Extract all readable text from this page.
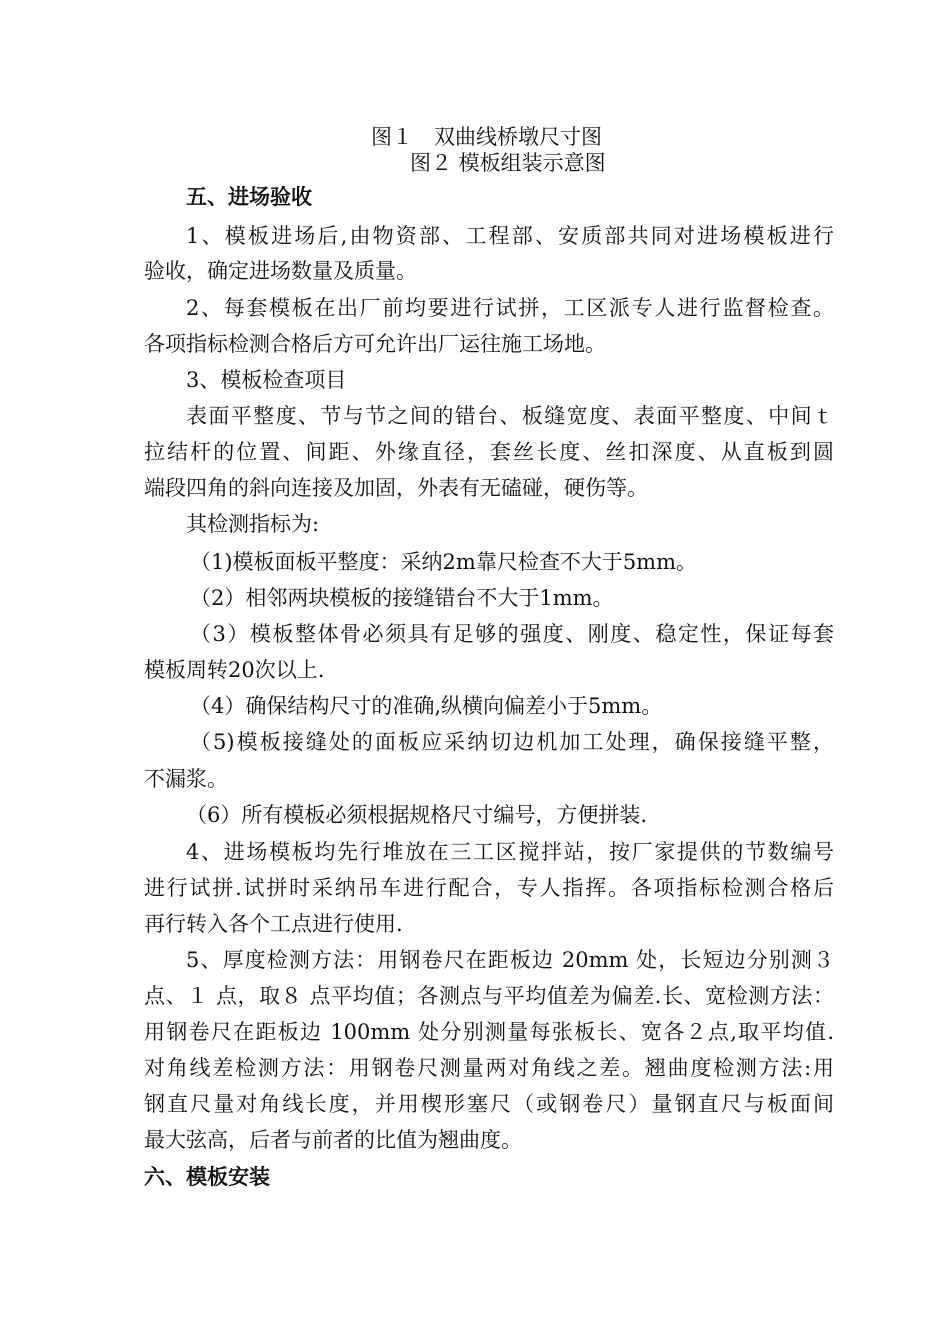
图１　双曲线桥墩尺寸图
图２ 模板组装示意图
五、进场验收
1、模板进场后,由物资部、工程部、安质部共同对进场模板进行
验收，确定进场数量及质量。
2、每套模板在出厂前均要进行试拼，工区派专人进行监督检查。
各项指标检测合格后方可允许出厂运往施工场地。
3、模板检查项目
表面平整度、节与节之间的错台、板缝宽度、表面平整度、中间ｔ
拉结杆的位置、间距、外缘直径，套丝长度、丝扣深度、从直板到圆
端段四角的斜向连接及加固，外表有无磕碰，硬伤等。
其检测指标为:
（1)模板面板平整度：采纳2m靠尺检查不大于5mm。
（2）相邻两块模板的接缝错台不大于1mm。
（3）模板整体骨必须具有足够的强度、刚度、稳定性，保证每套
模板周转20次以上.
（4）确保结构尺寸的准确,纵横向偏差小于5mm。
（5)模板接缝处的面板应采纳切边机加工处理，确保接缝平整，
不漏浆。
（6）所有模板必须根据规格尺寸编号，方便拼装.
4、进场模板均先行堆放在三工区搅拌站，按厂家提供的节数编号
进行试拼.试拼时采纳吊车进行配合，专人指挥。各项指标检测合格后
再行转入各个工点进行使用.
5、厚度检测方法：用钢卷尺在距板边 20mm 处，长短边分别测３
点、１ 点，取８ 点平均值；各测点与平均值差为偏差.长、宽检测方法：
用钢卷尺在距板边 100mm 处分别测量每张板长、宽各２点,取平均值.
对角线差检测方法：用钢卷尺测量两对角线之差。翘曲度检测方法:用
钢直尺量对角线长度，并用楔形塞尺（或钢卷尺）量钢直尺与板面间
最大弦高，后者与前者的比值为翘曲度。
六、模板安装
